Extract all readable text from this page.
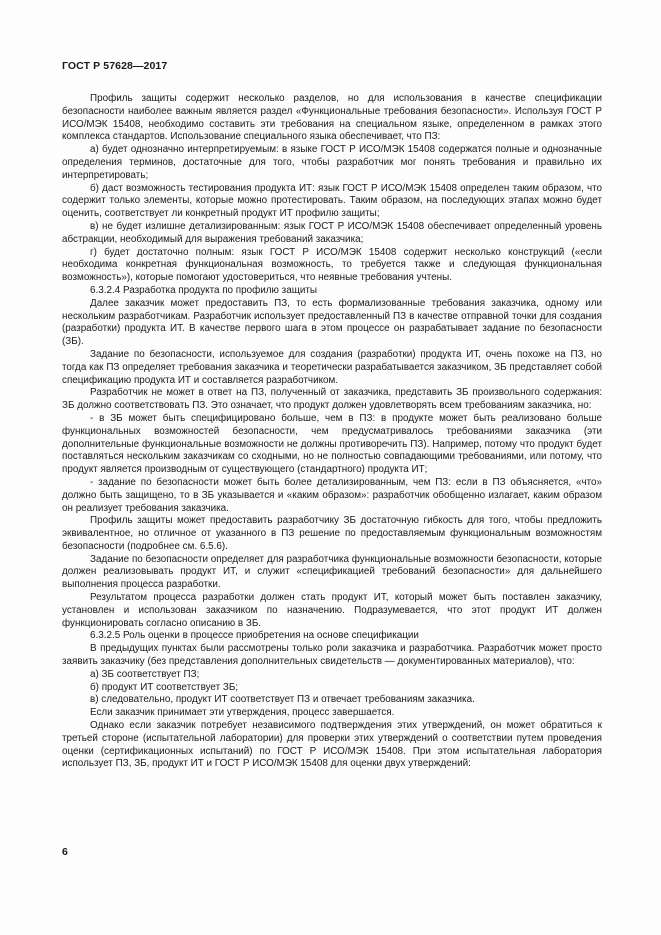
ГОСТ Р 57628—2017

Профиль защиты содержит несколько разделов, но для использования в качестве спецификации безопасности наиболее важным является раздел «Функциональные требования безопасности». Используя ГОСТ Р ИСО/МЭК 15408, необходимо составить эти требования на специальном языке, определенном в рамках этого комплекса стандартов. Использование специального языка обеспечивает, что ПЗ:

а) будет однозначно интерпретируемым: в языке ГОСТ Р ИСО/МЭК 15408 содержатся полные и однозначные определения терминов, достаточные для того, чтобы разработчик мог понять требования и правильно их интерпретировать;

б) даст возможность тестирования продукта ИТ: язык ГОСТ Р ИСО/МЭК 15408 определен таким образом, что содержит только элементы, которые можно протестировать. Таким образом, на последующих этапах можно будет оценить, соответствует ли конкретный продукт ИТ профилю защиты;

в) не будет излишне детализированным: язык ГОСТ Р ИСО/МЭК 15408 обеспечивает определенный уровень абстракции, необходимый для выражения требований заказчика;

г) будет достаточно полным: язык ГОСТ Р ИСО/МЭК 15408 содержит несколько конструкций («если необходима конкретная функциональная возможность, то требуется также и следующая функциональная возможность»), которые помогают удостовериться, что неявные требования учтены.

6.3.2.4 Разработка продукта по профилю защиты

Далее заказчик может предоставить ПЗ, то есть формализованные требования заказчика, одному или нескольким разработчикам. Разработчик использует предоставленный ПЗ в качестве отправной точки для создания (разработки) продукта ИТ. В качестве первого шага в этом процессе он разрабатывает задание по безопасности (ЗБ).

Задание по безопасности, используемое для создания (разработки) продукта ИТ, очень похоже на ПЗ, но тогда как ПЗ определяет требования заказчика и теоретически разрабатывается заказчиком, ЗБ представляет собой спецификацию продукта ИТ и составляется разработчиком.

Разработчик не может в ответ на ПЗ, полученный от заказчика, представить ЗБ произвольного содержания: ЗБ должно соответствовать ПЗ. Это означает, что продукт должен удовлетворять всем требованиям заказчика, но:

- в ЗБ может быть специфицировано больше, чем в ПЗ: в продукте может быть реализовано больше функциональных возможностей безопасности, чем предусматривалось требованиями заказчика (эти дополнительные функциональные возможности не должны противоречить ПЗ). Например, потому что продукт будет поставляться нескольким заказчикам со сходными, но не полностью совпадающими требованиями, или потому, что продукт является производным от существующего (стандартного) продукта ИТ;

- задание по безопасности может быть более детализированным, чем ПЗ: если в ПЗ объясняется, «что» должно быть защищено, то в ЗБ указывается и «каким образом»: разработчик обобщенно излагает, каким образом он реализует требования заказчика.

Профиль защиты может предоставить разработчику ЗБ достаточную гибкость для того, чтобы предложить эквивалентное, но отличное от указанного в ПЗ решение по предоставляемым функциональным возможностям безопасности (подробнее см. 6.5.6).

Задание по безопасности определяет для разработчика функциональные возможности безопасности, которые должен реализовывать продукт ИТ, и служит «спецификацией требований безопасности» для дальнейшего выполнения процесса разработки.

Результатом процесса разработки должен стать продукт ИТ, который может быть поставлен заказчику, установлен и использован заказчиком по назначению. Подразумевается, что этот продукт ИТ должен функционировать согласно описанию в ЗБ.

6.3.2.5 Роль оценки в процессе приобретения на основе спецификации

В предыдущих пунктах были рассмотрены только роли заказчика и разработчика. Разработчик может просто заявить заказчику (без представления дополнительных свидетельств — документированных материалов), что:

а) ЗБ соответствует ПЗ;

б) продукт ИТ соответствует ЗБ;

в) следовательно, продукт ИТ соответствует ПЗ и отвечает требованиям заказчика.

Если заказчик принимает эти утверждения, процесс завершается.

Однако если заказчик потребует независимого подтверждения этих утверждений, он может обратиться к третьей стороне (испытательной лаборатории) для проверки этих утверждений о соответствии путем проведения оценки (сертификационных испытаний) по ГОСТ Р ИСО/МЭК 15408. При этом испытательная лаборатория использует ПЗ, ЗБ, продукт ИТ и ГОСТ Р ИСО/МЭК 15408 для оценки двух утверждений:

6
